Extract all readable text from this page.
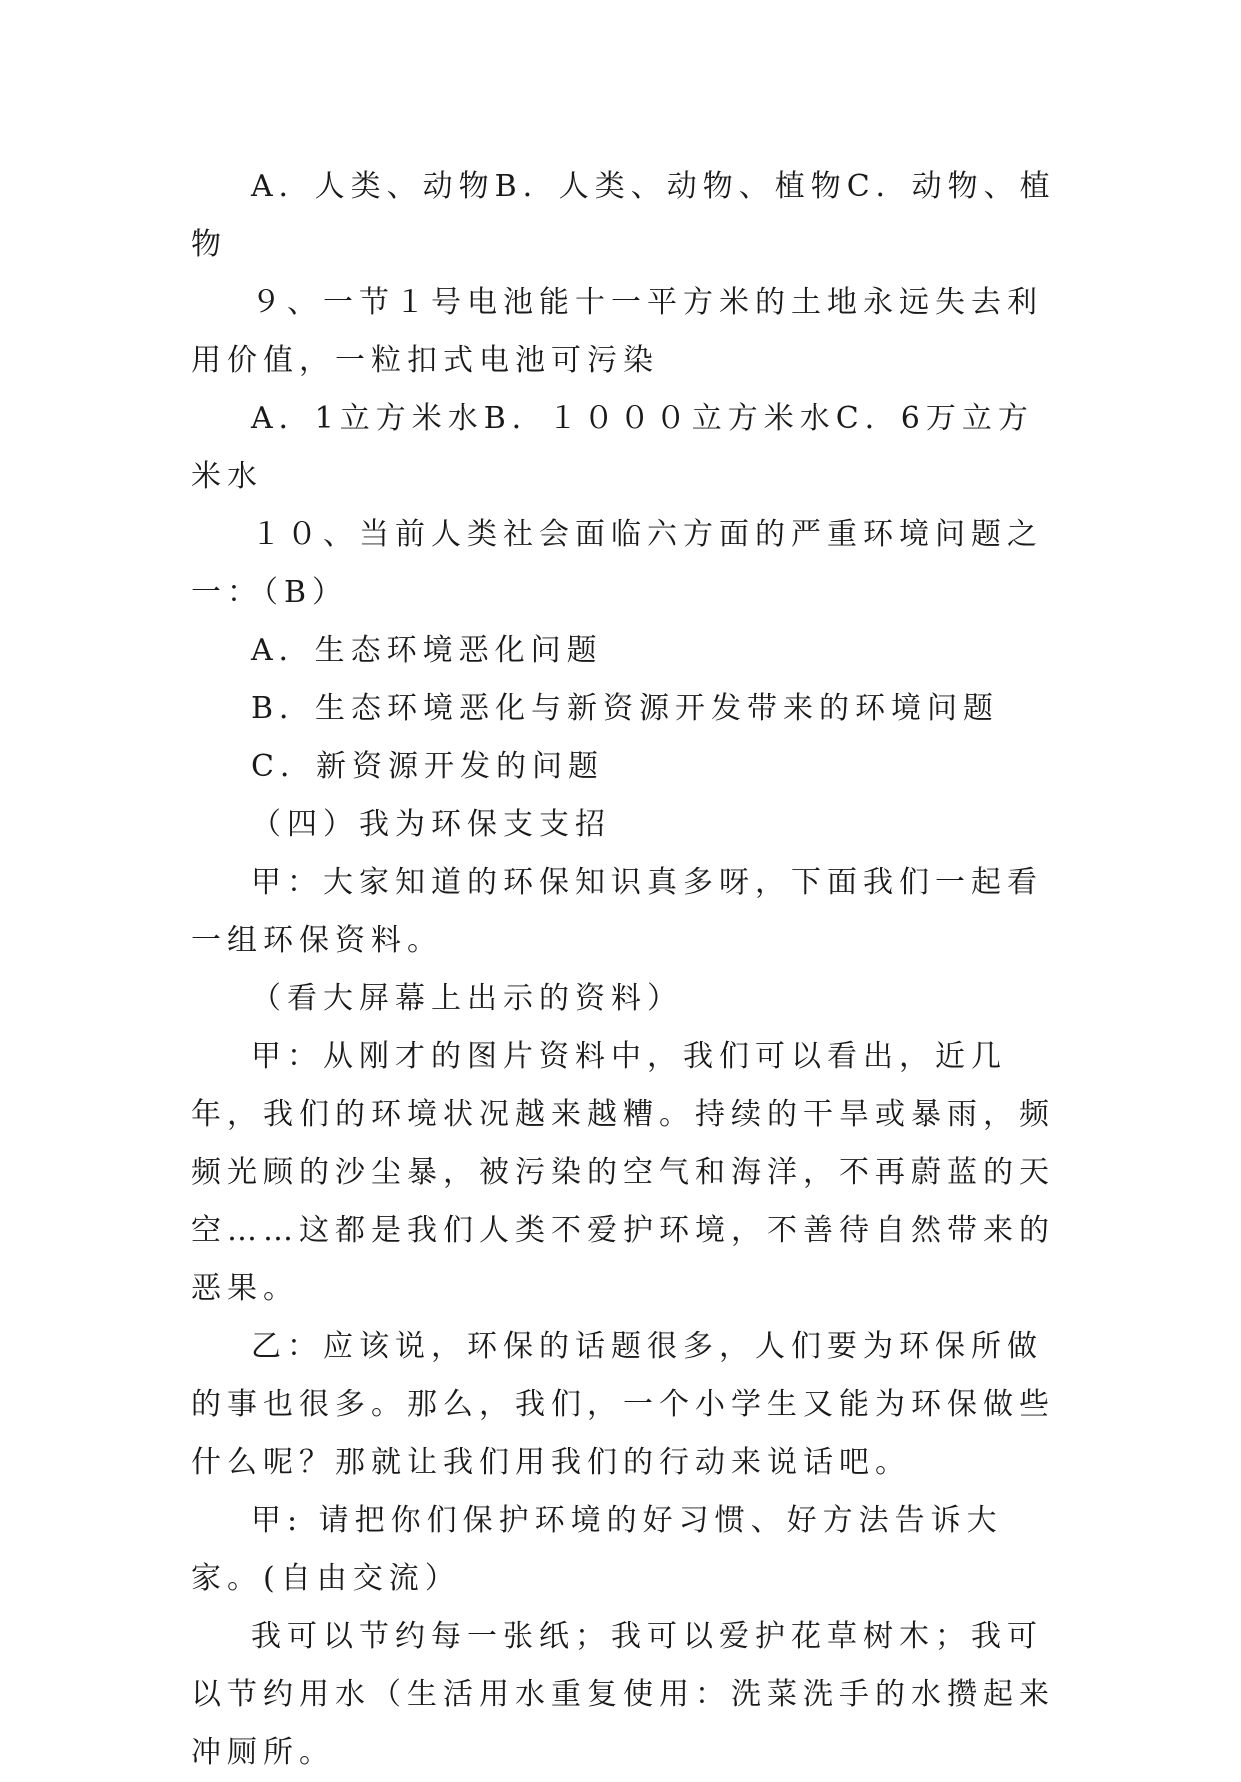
A．人类、动物B．人类、动物、植物C．动物、植物

９、一节１号电池能十一平方米的土地永远失去利用价值，一粒扣式电池可污染

A．1立方米水B．１０００立方米水C．6万立方米水

１０、当前人类社会面临六方面的严重环境问题之一：（B）

A．生态环境恶化问题

B．生态环境恶化与新资源开发带来的环境问题

C．新资源开发的问题

（四）我为环保支支招

甲：大家知道的环保知识真多呀，下面我们一起看一组环保资料。

（看大屏幕上出示的资料）

甲：从刚才的图片资料中，我们可以看出，近几年，我们的环境状况越来越糟。持续的干旱或暴雨，频频光顾的沙尘暴，被污染的空气和海洋，不再蔚蓝的天空……这都是我们人类不爱护环境，不善待自然带来的恶果。

乙：应该说，环保的话题很多，人们要为环保所做的事也很多。那么，我们，一个小学生又能为环保做些什么呢？那就让我们用我们的行动来说话吧。

甲: 请把你们保护环境的好习惯、好方法告诉大家。(自由交流）

我可以节约每一张纸；我可以爱护花草树木；我可以节约用水（生活用水重复使用：洗菜洗手的水攒起来冲厕所。
